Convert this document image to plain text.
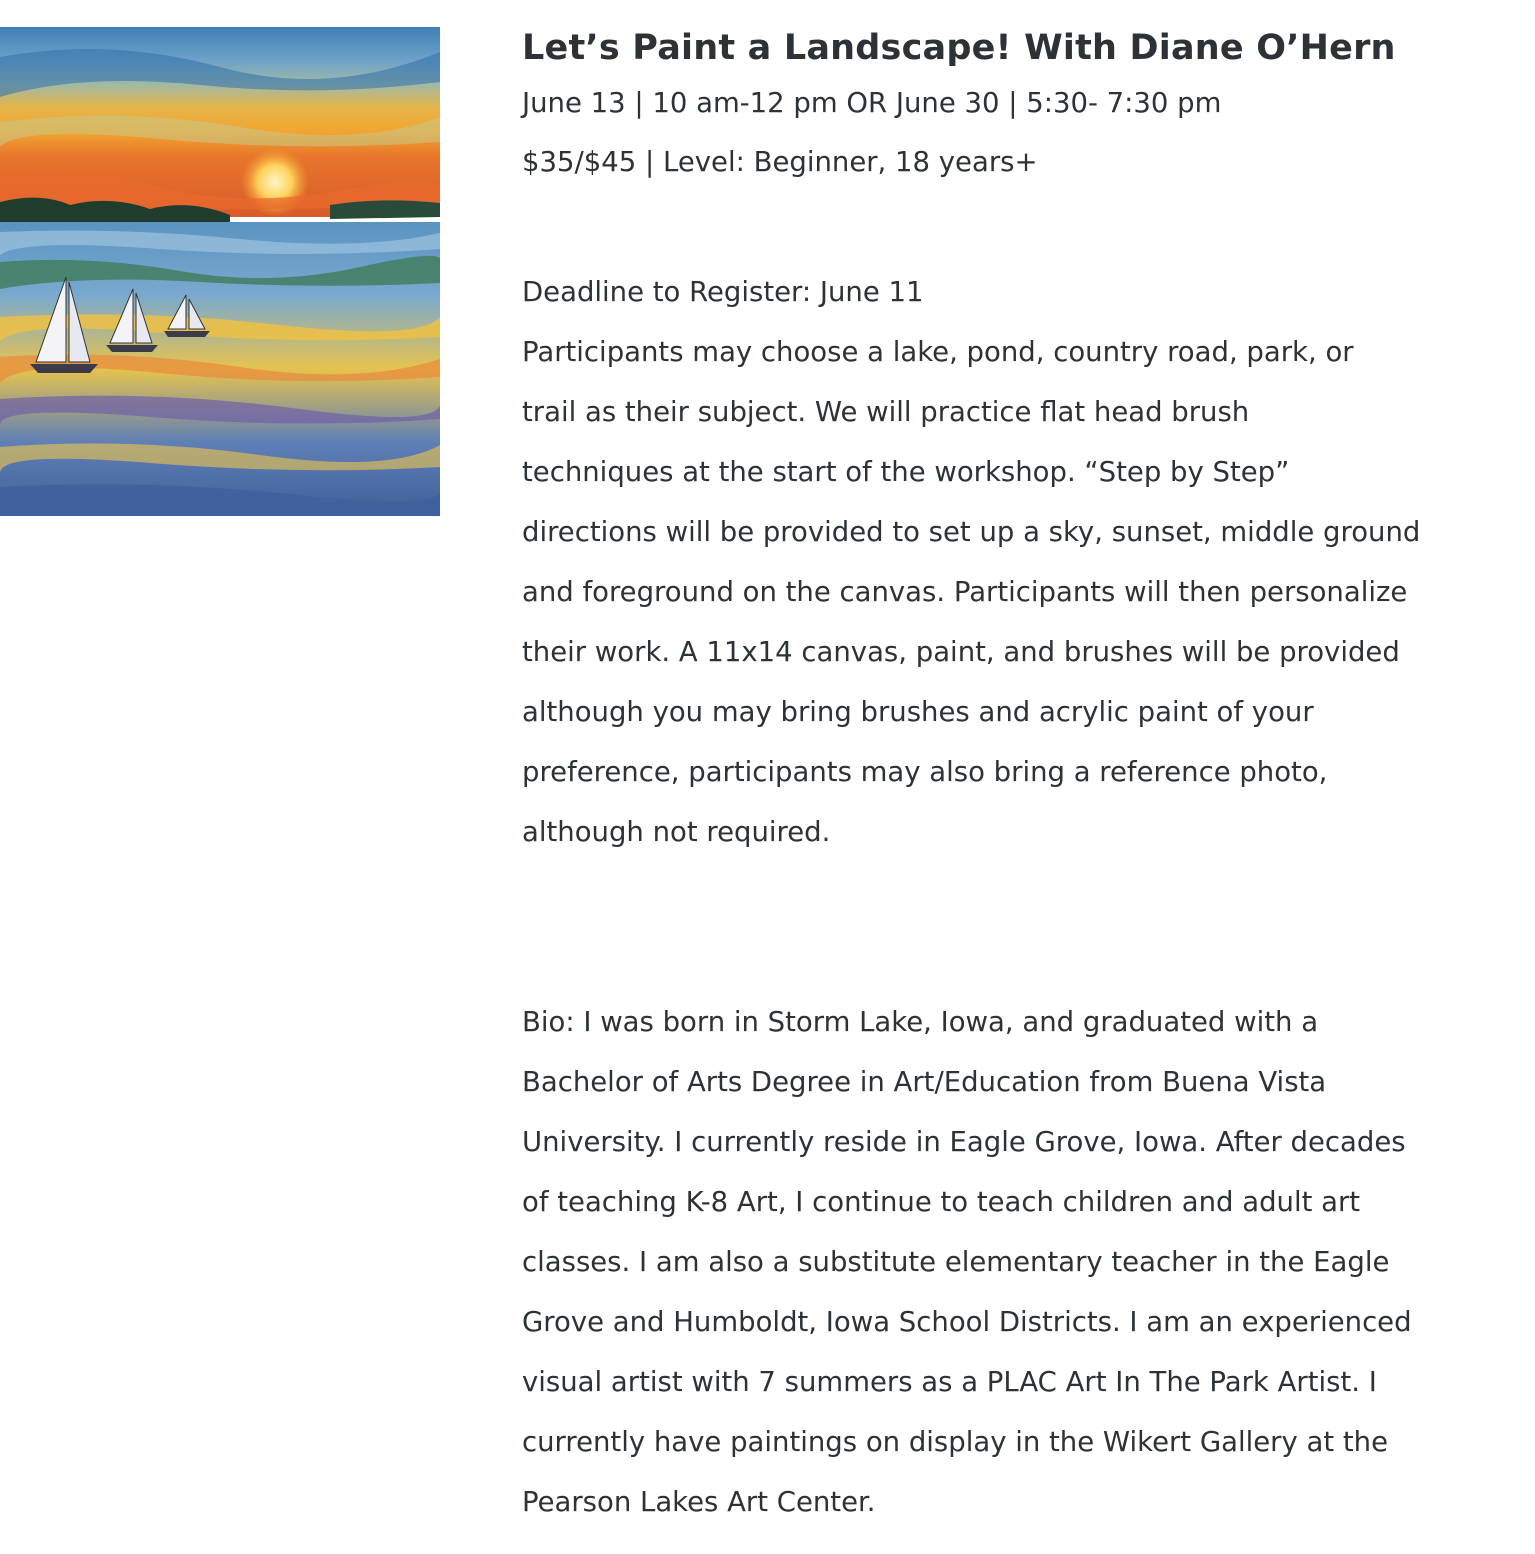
Let’s Paint a Landscape! With Diane O’Hern

June 13 | 10 am-12 pm OR June 30 | 5:30- 7:30 pm

$35/$45 | Level: Beginner, 18 years+

Deadline to Register: June 11

Participants may choose a lake, pond, country road, park, or
trail as their subject. We will practice flat head brush
techniques at the start of the workshop. “Step by Step”
directions will be provided to set up a sky, sunset, middle ground
and foreground on the canvas. Participants will then personalize
their work. A 11x14 canvas, paint, and brushes will be provided
although you may bring brushes and acrylic paint of your
preference, participants may also bring a reference photo,
although not required.

Bio: I was born in Storm Lake, Iowa, and graduated with a
Bachelor of Arts Degree in Art/Education from Buena Vista
University. I currently reside in Eagle Grove, Iowa. After decades
of teaching K-8 Art, I continue to teach children and adult art
classes. I am also a substitute elementary teacher in the Eagle
Grove and Humboldt, Iowa School Districts. I am an experienced
visual artist with 7 summers as a PLAC Art In The Park Artist. I
currently have paintings on display in the Wikert Gallery at the
Pearson Lakes Art Center.
